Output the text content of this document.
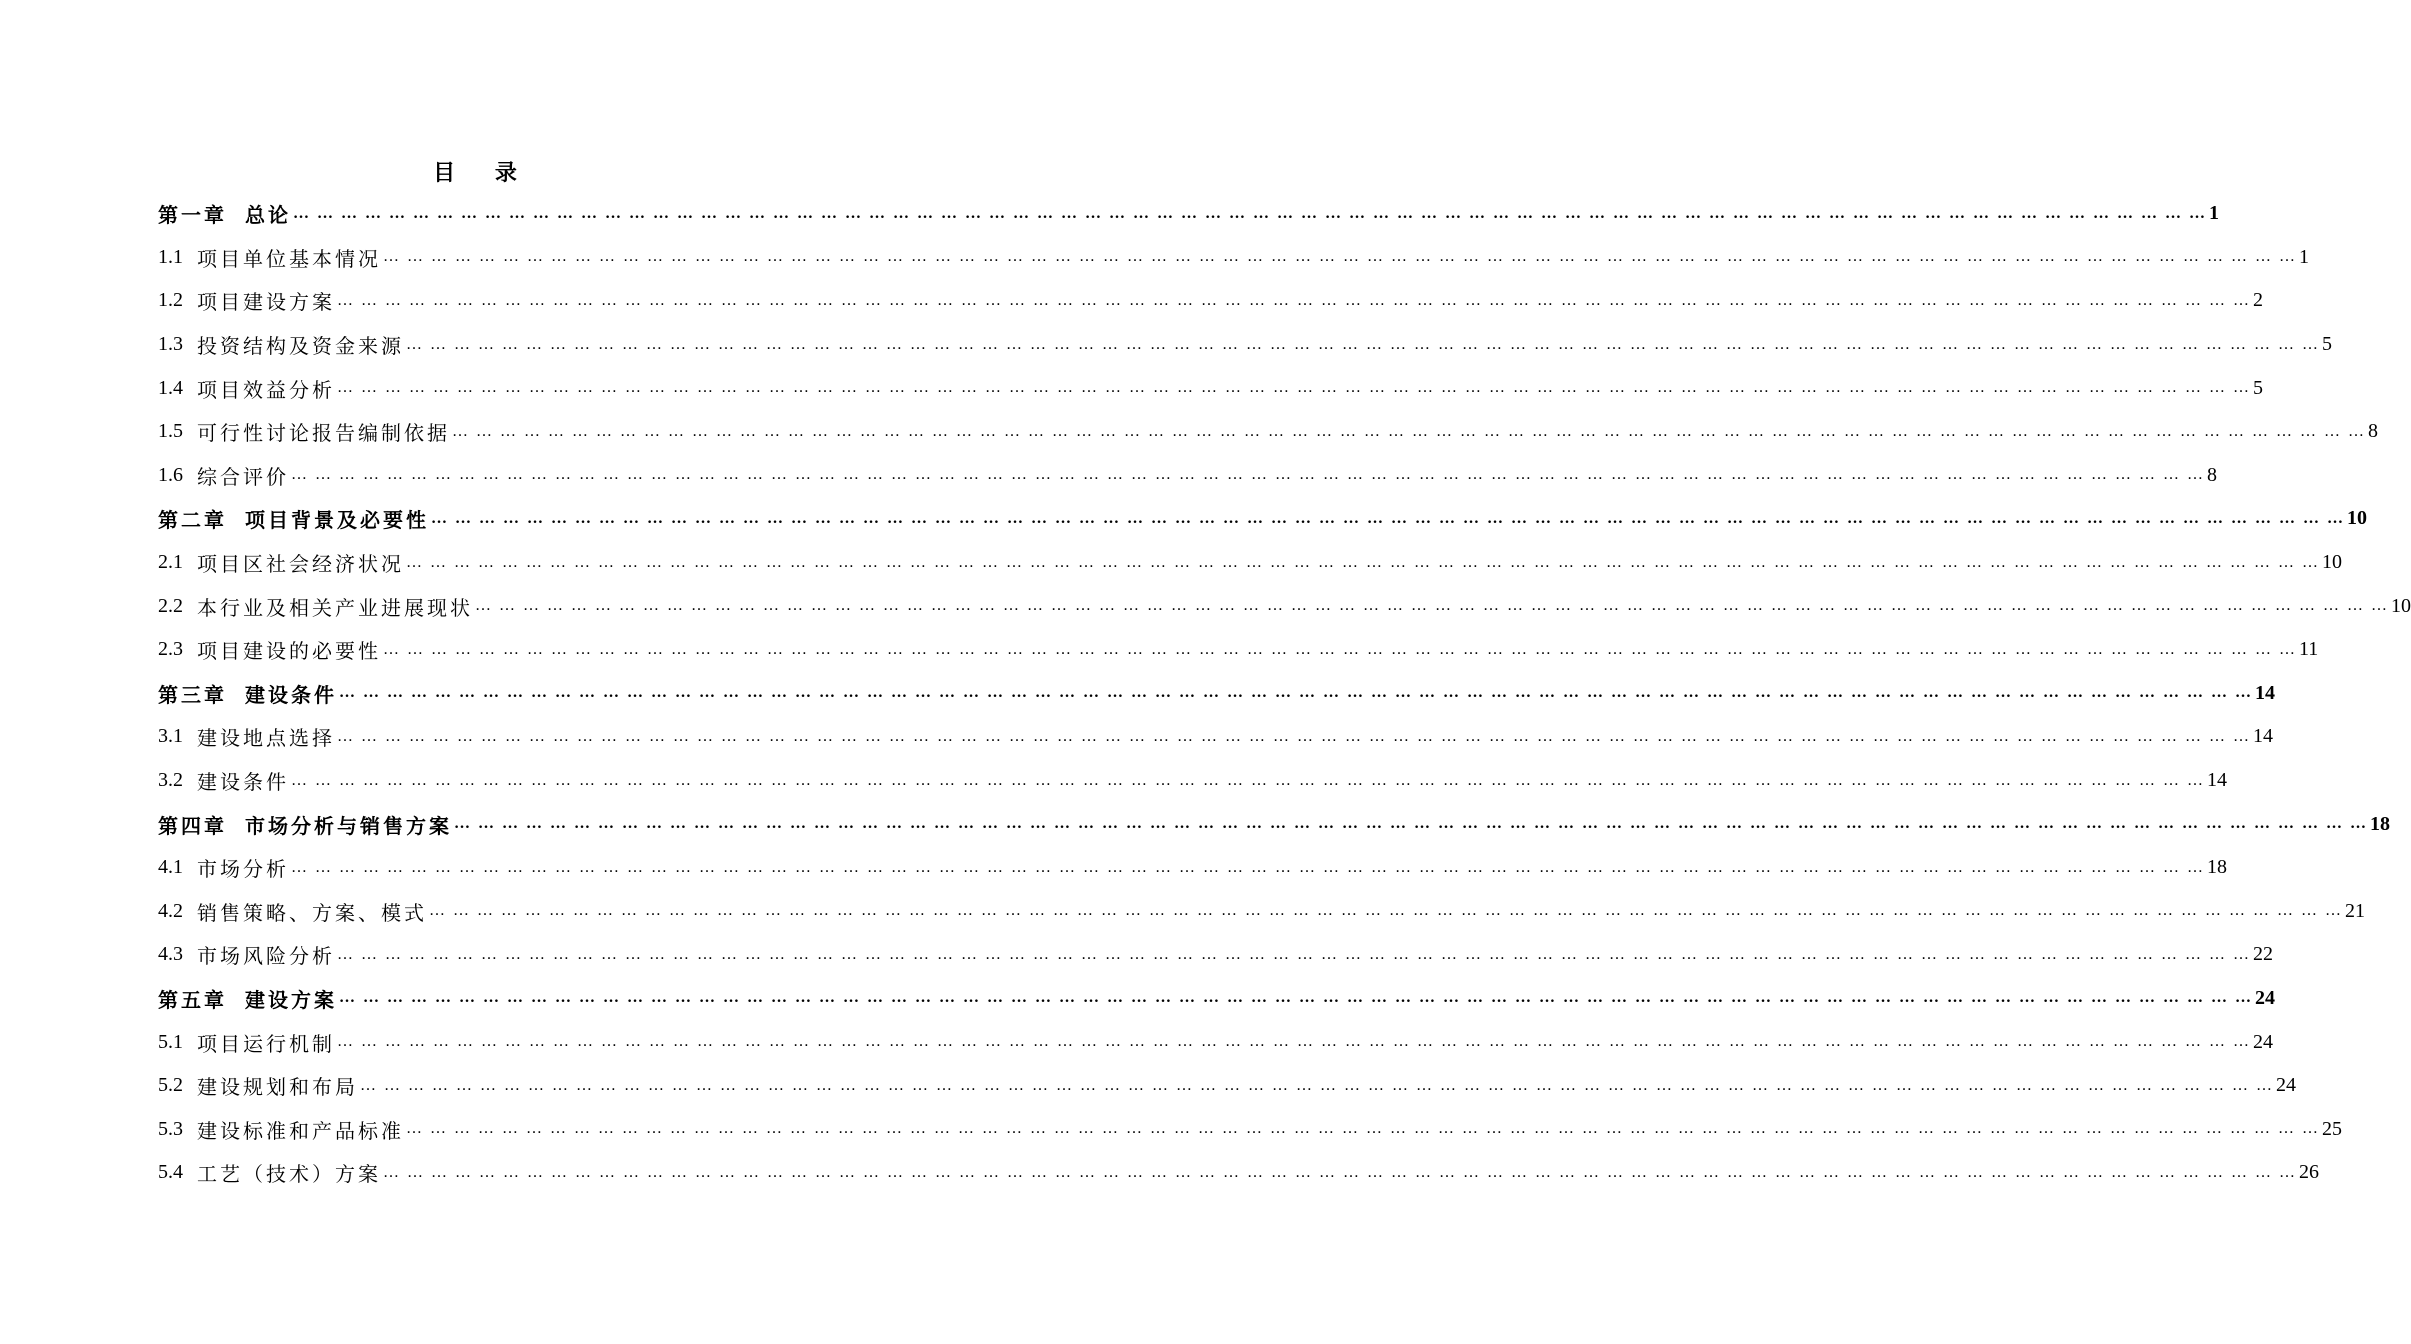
目 录
第一章 总论 … … … … … … … … … … … … … … … … … … … … … … … … … … … … … … … … … … … … … … … … … … … … … … … … … … … … … … … … … … … … … … … … … … … … … … … … … … … … … … … … 1
1.1 项目单位基本情况 … … … … … … … … … … … … … … … … … … … … … … … … … … … … … … … … … … … … … … … … … … … … … … … … … … … … … … … … … … … … … … … … … … … … … … … … … … … … … … … … 1
1.2 项目建设方案 … … … … … … … … … … … … … … … … … … … … … … … … … … … … … … … … … … … … … … … … … … … … … … … … … … … … … … … … … … … … … … … … … … … … … … … … … … … … … … … … 2
1.3 投资结构及资金来源 … … … … … … … … … … … … … … … … … … … … … … … … … … … … … … … … … … … … … … … … … … … … … … … … … … … … … … … … … … … … … … … … … … … … … … … … … … … … … … … … 5
1.4 项目效益分析 … … … … … … … … … … … … … … … … … … … … … … … … … … … … … … … … … … … … … … … … … … … … … … … … … … … … … … … … … … … … … … … … … … … … … … … … … … … … … … … … 5
1.5 可行性讨论报告编制依据 … … … … … … … … … … … … … … … … … … … … … … … … … … … … … … … … … … … … … … … … … … … … … … … … … … … … … … … … … … … … … … … … … … … … … … … … … … … … … … … … 8
1.6 综合评价 … … … … … … … … … … … … … … … … … … … … … … … … … … … … … … … … … … … … … … … … … … … … … … … … … … … … … … … … … … … … … … … … … … … … … … … … … … … … … … … … 8
第二章 项目背景及必要性 … … … … … … … … … … … … … … … … … … … … … … … … … … … … … … … … … … … … … … … … … … … … … … … … … … … … … … … … … … … … … … … … … … … … … … … … … … … … … … … … 10
2.1 项目区社会经济状况 … … … … … … … … … … … … … … … … … … … … … … … … … … … … … … … … … … … … … … … … … … … … … … … … … … … … … … … … … … … … … … … … … … … … … … … … … … … … … … … … 10
2.2 本行业及相关产业进展现状 … … … … … … … … … … … … … … … … … … … … … … … … … … … … … … … … … … … … … … … … … … … … … … … … … … … … … … … … … … … … … … … … … … … … … … … … … … … … … … … … 10
2.3 项目建设的必要性 … … … … … … … … … … … … … … … … … … … … … … … … … … … … … … … … … … … … … … … … … … … … … … … … … … … … … … … … … … … … … … … … … … … … … … … … … … … … … … … … 11
第三章 建设条件 … … … … … … … … … … … … … … … … … … … … … … … … … … … … … … … … … … … … … … … … … … … … … … … … … … … … … … … … … … … … … … … … … … … … … … … … … … … … … … … … 14
3.1 建设地点选择 … … … … … … … … … … … … … … … … … … … … … … … … … … … … … … … … … … … … … … … … … … … … … … … … … … … … … … … … … … … … … … … … … … … … … … … … … … … … … … … … 14
3.2 建设条件 … … … … … … … … … … … … … … … … … … … … … … … … … … … … … … … … … … … … … … … … … … … … … … … … … … … … … … … … … … … … … … … … … … … … … … … … … … … … … … … … 14
第四章 市场分析与销售方案 … … … … … … … … … … … … … … … … … … … … … … … … … … … … … … … … … … … … … … … … … … … … … … … … … … … … … … … … … … … … … … … … … … … … … … … … … … … … … … … … 18
4.1 市场分析 … … … … … … … … … … … … … … … … … … … … … … … … … … … … … … … … … … … … … … … … … … … … … … … … … … … … … … … … … … … … … … … … … … … … … … … … … … … … … … … … 18
4.2 销售策略、方案、模式 … … … … … … … … … … … … … … … … … … … … … … … … … … … … … … … … … … … … … … … … … … … … … … … … … … … … … … … … … … … … … … … … … … … … … … … … … … … … … … … … 21
4.3 市场风险分析 … … … … … … … … … … … … … … … … … … … … … … … … … … … … … … … … … … … … … … … … … … … … … … … … … … … … … … … … … … … … … … … … … … … … … … … … … … … … … … … … 22
第五章 建设方案 … … … … … … … … … … … … … … … … … … … … … … … … … … … … … … … … … … … … … … … … … … … … … … … … … … … … … … … … … … … … … … … … … … … … … … … … … … … … … … … … 24
5.1 项目运行机制 … … … … … … … … … … … … … … … … … … … … … … … … … … … … … … … … … … … … … … … … … … … … … … … … … … … … … … … … … … … … … … … … … … … … … … … … … … … … … … … … 24
5.2 建设规划和布局 … … … … … … … … … … … … … … … … … … … … … … … … … … … … … … … … … … … … … … … … … … … … … … … … … … … … … … … … … … … … … … … … … … … … … … … … … … … … … … … … 24
5.3 建设标准和产品标准 … … … … … … … … … … … … … … … … … … … … … … … … … … … … … … … … … … … … … … … … … … … … … … … … … … … … … … … … … … … … … … … … … … … … … … … … … … … … … … … … 25
5.4 工艺（技术）方案 … … … … … … … … … … … … … … … … … … … … … … … … … … … … … … … … … … … … … … … … … … … … … … … … … … … … … … … … … … … … … … … … … … … … … … … … … … … … … … … … 26
